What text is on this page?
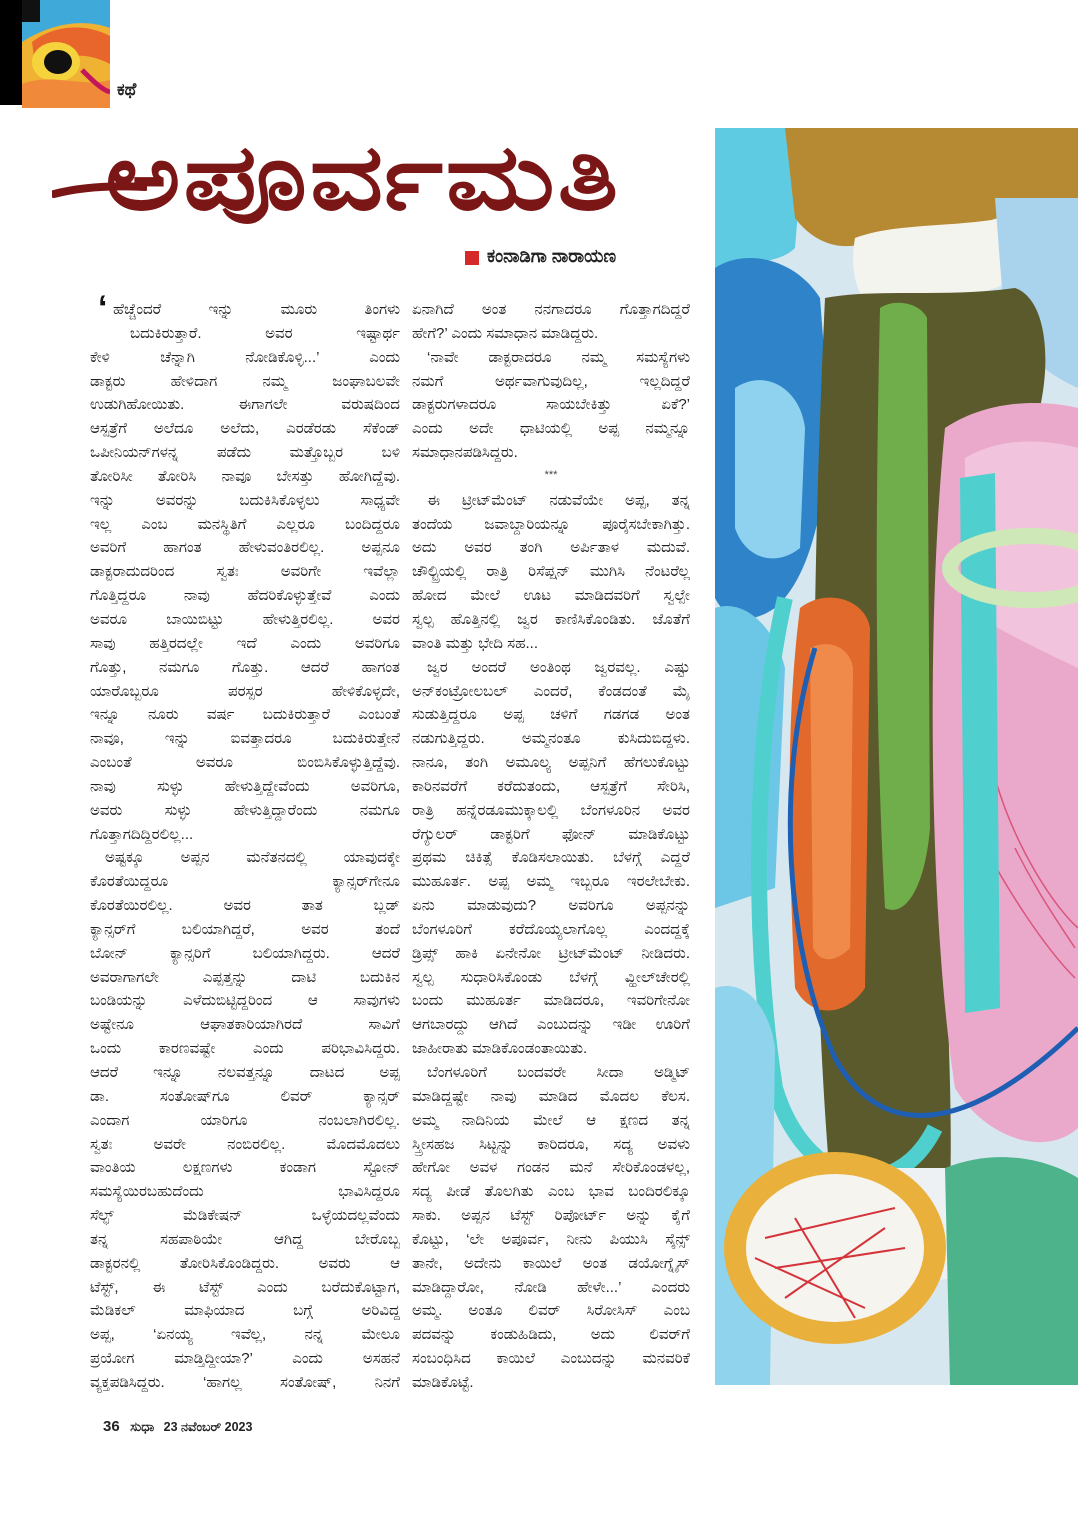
ಕಥೆ
ಅಪೂರ್ವಮತಿ
ಕಂನಾಡಿಗಾ ನಾರಾಯಣ
‘ ಹೆಚ್ಚೆಂದರೆ ಇನ್ನು ಮೂರು ತಿಂಗಳು
ಬದುಕಿರುತ್ತಾರೆ. ಅವರ ಇಷ್ಟಾರ್ಥ
ಕೇಳಿ ಚೆನ್ನಾಗಿ ನೋಡಿಕೊಳ್ಳಿ...’ ಎಂದು
ಡಾಕ್ಟರು ಹೇಳಿದಾಗ ನಮ್ಮ ಜಂಘಾಬಲವೇ
ಉಡುಗಿಹೋಯಿತು. ಈಗಾಗಲೇ ವರುಷದಿಂದ
ಆಸ್ಪತ್ರೆಗೆ ಅಲೆದೂ ಅಲೆದು, ಎರಡೆರಡು ಸೆಕೆಂಡ್
ಒಪೀನಿಯನ್‌ಗಳನ್ನ ಪಡೆದು ಮತ್ತೊಬ್ಬರ ಬಳಿ
ತೋರಿಸೀ ತೋರಿಸಿ ನಾವೂ ಬೇಸತ್ತು ಹೋಗಿದ್ದೆವು.
ಇನ್ನು ಅವರನ್ನು ಬದುಕಿಸಿಕೊಳ್ಳಲು ಸಾಧ್ಯವೇ
ಇಲ್ಲ ಎಂಬ ಮನಸ್ಥಿತಿಗೆ ಎಲ್ಲರೂ ಬಂದಿದ್ದರೂ
ಅವರಿಗೆ ಹಾಗಂತ ಹೇಳುವಂತಿರಲಿಲ್ಲ. ಅಪ್ಪನೂ
ಡಾಕ್ಟರಾದುದರಿಂದ ಸ್ವತಃ ಅವರಿಗೇ ಇವೆಲ್ಲಾ
ಗೊತ್ತಿದ್ದರೂ ನಾವು ಹೆದರಿಕೊಳ್ಳುತ್ತೇವೆ ಎಂದು
ಅವರೂ ಬಾಯಿಬಿಟ್ಟು ಹೇಳುತ್ತಿರಲಿಲ್ಲ. ಅವರ
ಸಾವು ಹತ್ತಿರದಲ್ಲೇ ಇದೆ ಎಂದು ಅವರಿಗೂ
ಗೊತ್ತು, ನಮಗೂ ಗೊತ್ತು. ಆದರೆ ಹಾಗಂತ
ಯಾರೊಬ್ಬರೂ ಪರಸ್ಪರ ಹೇಳಿಕೊಳ್ಳದೇ,
ಇನ್ನೂ ನೂರು ವರ್ಷ ಬದುಕಿರುತ್ತಾರೆ ಎಂಬಂತೆ
ನಾವೂ, ಇನ್ನು ಐವತ್ತಾದರೂ ಬದುಕಿರುತ್ತೇನೆ
ಎಂಬಂತೆ ಅವರೂ ಬಿಂಬಿಸಿಕೊಳ್ಳುತ್ತಿದ್ದೆವು.
ನಾವು ಸುಳ್ಳು ಹೇಳುತ್ತಿದ್ದೇವೆಂದು ಅವರಿಗೂ,
ಅವರು ಸುಳ್ಳು ಹೇಳುತ್ತಿದ್ದಾರೆಂದು ನಮಗೂ
ಗೊತ್ತಾಗದಿದ್ದಿರಲಿಲ್ಲ...
ಅಷ್ಟಕ್ಕೂ ಅಪ್ಪನ ಮನೆತನದಲ್ಲಿ ಯಾವುದಕ್ಕೇ
ಕೊರತೆಯಿದ್ದರೂ ಕ್ಯಾನ್ಸರ್‌ಗೇನೂ
ಕೊರತೆಯಿರಲಿಲ್ಲ. ಅವರ ತಾತ ಬ್ಲಡ್
ಕ್ಯಾನ್ಸರ್‌ಗೆ ಬಲಿಯಾಗಿದ್ದರೆ, ಅವರ ತಂದೆ
ಬೋನ್ ಕ್ಯಾನ್ಸರಿಗೆ ಬಲಿಯಾಗಿದ್ದರು. ಆದರೆ
ಅವರಾಗಾಗಲೇ ಎಪ್ಪತ್ತನ್ನು ದಾಟಿ ಬದುಕಿನ
ಬಂಡಿಯನ್ನು ಎಳೆದುಬಿಟ್ಟಿದ್ದರಿಂದ ಆ ಸಾವುಗಳು
ಅಷ್ಟೇನೂ ಆಘಾತಕಾರಿಯಾಗಿರದೆ ಸಾವಿಗೆ
ಒಂದು ಕಾರಣವಷ್ಟೇ ಎಂದು ಪರಿಭಾವಿಸಿದ್ದರು.
ಆದರೆ ಇನ್ನೂ ನಲವತ್ತನ್ನೂ ದಾಟದ ಅಪ್ಪ
ಡಾ. ಸಂತೋಷ್‌ಗೂ ಲಿವರ್ ಕ್ಯಾನ್ಸರ್
ಎಂದಾಗ ಯಾರಿಗೂ ನಂಬಲಾಗಿರಲಿಲ್ಲ.
ಸ್ವತಃ ಅವರೇ ನಂಬಿರಲಿಲ್ಲ. ಮೊದಮೊದಲು
ವಾಂತಿಯ ಲಕ್ಷಣಗಳು ಕಂಡಾಗ ಸ್ಟೋನ್
ಸಮಸ್ಯೆಯಿರಬಹುದೆಂದು ಭಾವಿಸಿದ್ದರೂ
ಸೆಲ್ಫ್ ಮೆಡಿಕೇಷನ್ ಒಳ್ಳೆಯದಲ್ಲವೆಂದು
ತನ್ನ ಸಹಪಾಠಿಯೇ ಆಗಿದ್ದ ಬೇರೊಬ್ಬ
ಡಾಕ್ಟರನಲ್ಲಿ ತೋರಿಸಿಕೊಂಡಿದ್ದರು. ಅವರು ಆ
ಟೆಸ್ಟ್, ಈ ಟೆಸ್ಟ್ ಎಂದು ಬರೆದುಕೊಟ್ಟಾಗ,
ಮೆಡಿಕಲ್ ಮಾಫಿಯಾದ ಬಗ್ಗೆ ಅರಿವಿದ್ದ
ಅಪ್ಪ, ‘ಏನಯ್ಯ ಇವೆಲ್ಲ, ನನ್ನ ಮೇಲೂ
ಪ್ರಯೋಗ ಮಾಡ್ತಿದ್ದೀಯಾ?’ ಎಂದು ಅಸಹನೆ
ವ್ಯಕ್ತಪಡಿಸಿದ್ದರು. ‘ಹಾಗಲ್ಲ ಸಂತೋಷ್, ನಿನಗೆ
ಏನಾಗಿದೆ ಅಂತ ನನಗಾದರೂ ಗೊತ್ತಾಗದಿದ್ದರೆ
ಹೇಗೆ?’ ಎಂದು ಸಮಾಧಾನ ಮಾಡಿದ್ದರು.
‘ನಾವೇ ಡಾಕ್ಟರಾದರೂ ನಮ್ಮ ಸಮಸ್ಯೆಗಳು
ನಮಗೆ ಅರ್ಥವಾಗುವುದಿಲ್ಲ, ಇಲ್ಲದಿದ್ದರೆ
ಡಾಕ್ಟರುಗಳಾದರೂ ಸಾಯಬೇಕಿತ್ತು ಏಕೆ?’
ಎಂದು ಅದೇ ಧಾಟಿಯಲ್ಲಿ ಅಪ್ಪ ನಮ್ಮನ್ನೂ
ಸಮಾಧಾನಪಡಿಸಿದ್ದರು.
***
ಈ ಟ್ರೀಟ್‌ಮೆಂಟ್ ನಡುವೆಯೇ ಅಪ್ಪ, ತನ್ನ
ತಂದೆಯ ಜವಾಬ್ದಾರಿಯನ್ನೂ ಪೂರೈಸಬೇಕಾಗಿತ್ತು.
ಅದು ಅವರ ತಂಗಿ ಅರ್ಪಿತಾಳ ಮದುವೆ.
ಚೌಲ್ಟ್ರಿಯಲ್ಲಿ ರಾತ್ರಿ ರಿಸೆಪ್ಷನ್ ಮುಗಿಸಿ ನೆಂಟರೆಲ್ಲ
ಹೋದ ಮೇಲೆ ಊಟ ಮಾಡಿದವರಿಗೆ ಸ್ವಲ್ಪೇ
ಸ್ವಲ್ಪ ಹೊತ್ತಿನಲ್ಲಿ ಜ್ವರ ಕಾಣಿಸಿಕೊಂಡಿತು. ಜೊತೆಗೆ
ವಾಂತಿ ಮತ್ತು ಭೇದಿ ಸಹ...
ಜ್ವರ ಅಂದರೆ ಅಂತಿಂಥ ಜ್ವರವಲ್ಲ. ಎಷ್ಟು
ಅನ್‌ಕಂಟ್ರೋಲಬಲ್ ಎಂದರೆ, ಕೆಂಡದಂತೆ ಮೈ
ಸುಡುತ್ತಿದ್ದರೂ ಅಪ್ಪ ಚಳಿಗೆ ಗಡಗಡ ಅಂತ
ನಡುಗುತ್ತಿದ್ದರು. ಅಮ್ಮನಂತೂ ಕುಸಿದುಬಿದ್ದಳು.
ನಾನೂ, ತಂಗಿ ಅಮೂಲ್ಯ ಅಪ್ಪನಿಗೆ ಹೆಗಲುಕೊಟ್ಟು
ಕಾರಿನವರೆಗೆ ಕರೆದುತಂದು, ಆಸ್ಪತ್ರೆಗೆ ಸೇರಿಸಿ,
ರಾತ್ರಿ ಹನ್ನೆರಡೂಮುಕ್ಕಾಲಲ್ಲಿ ಬೆಂಗಳೂರಿನ ಅವರ
ರೆಗ್ಯುಲರ್ ಡಾಕ್ಟರಿಗೆ ಫೋನ್ ಮಾಡಿಕೊಟ್ಟು
ಪ್ರಥಮ ಚಿಕಿತ್ಸೆ ಕೊಡಿಸಲಾಯಿತು. ಬೆಳಗ್ಗೆ ಎದ್ದರೆ
ಮುಹೂರ್ತ. ಅಪ್ಪ ಅಮ್ಮ ಇಬ್ಬರೂ ಇರಲೇಬೇಕು.
ಏನು ಮಾಡುವುದು? ಅವರಿಗೂ ಅಪ್ಪನನ್ನು
ಬೆಂಗಳೂರಿಗೆ ಕರೆದೊಯ್ಯಲಾಗೊಲ್ಲ ಎಂದದ್ದಕ್ಕೆ
ಡ್ರಿಪ್ಸ್ ಹಾಕಿ ಏನೇನೋ ಟ್ರೀಟ್‌ಮೆಂಟ್ ನೀಡಿದರು.
ಸ್ವಲ್ಪ ಸುಧಾರಿಸಿಕೊಂಡು ಬೆಳಗ್ಗೆ ವ್ಹೀಲ್‌ಚೇರಲ್ಲಿ
ಬಂದು ಮುಹೂರ್ತ ಮಾಡಿದರೂ, ಇವರಿಗೇನೋ
ಆಗಬಾರದ್ದು ಆಗಿದೆ ಎಂಬುದನ್ನು ಇಡೀ ಊರಿಗೆ
ಜಾಹೀರಾತು ಮಾಡಿಕೊಂಡಂತಾಯಿತು.
ಬೆಂಗಳೂರಿಗೆ ಬಂದವರೇ ಸೀದಾ ಅಡ್ಮಿಟ್
ಮಾಡಿದ್ದಷ್ಟೇ ನಾವು ಮಾಡಿದ ಮೊದಲ ಕೆಲಸ.
ಅಮ್ಮ ನಾದಿನಿಯ ಮೇಲೆ ಆ ಕ್ಷಣದ ತನ್ನ
ಸ್ತ್ರೀಸಹಜ ಸಿಟ್ಟನ್ನು ಕಾರಿದರೂ, ಸದ್ಯ ಅವಳು
ಹೇಗೋ ಅವಳ ಗಂಡನ ಮನೆ ಸೇರಿಕೊಂಡಳಲ್ಲ,
ಸದ್ಯ ಪೀಡೆ ತೊಲಗಿತು ಎಂಬ ಭಾವ ಬಂದಿರಲಿಕ್ಕೂ
ಸಾಕು. ಅಪ್ಪನ ಟೆಸ್ಟ್ ರಿಪೋರ್ಟ್ ಅನ್ನು ಕೈಗೆ
ಕೊಟ್ಟು, ‘ಲೇ ಅಪೂರ್ವ, ನೀನು ಪಿಯುಸಿ ಸೈನ್ಸ್
ತಾನೇ, ಅದೇನು ಕಾಯಿಲೆ ಅಂತ ಡಯೋಗ್ನೈಸ್
ಮಾಡಿದ್ದಾರೋ, ನೋಡಿ ಹೇಳೇ...’ ಎಂದರು
ಅಮ್ಮ. ಅಂತೂ ಲಿವರ್ ಸಿರೋಸಿಸ್ ಎಂಬ
ಪದವನ್ನು ಕಂಡುಹಿಡಿದು, ಅದು ಲಿವರ್‌ಗೆ
ಸಂಬಂಧಿಸಿದ ಕಾಯಿಲೆ ಎಂಬುದನ್ನು ಮನವರಿಕೆ
ಮಾಡಿಕೊಟ್ಟೆ.
36 ಸುಧಾ 23 ನವೆಂಬರ್ 2023
